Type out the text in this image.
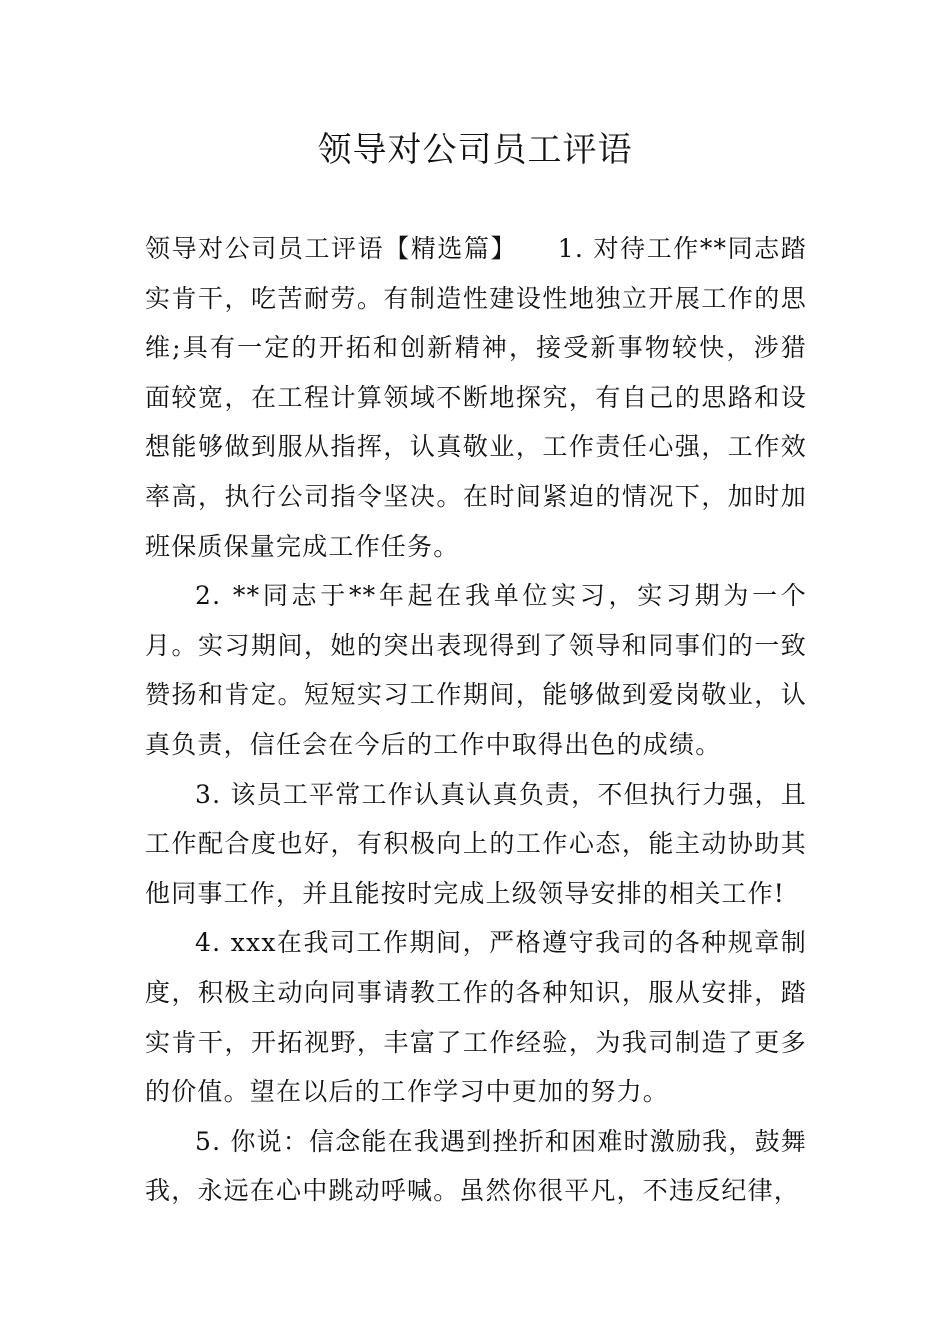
领导对公司员工评语

领导对公司员工评语【精选篇】　　1. 对待工作**同志踏实肯干，吃苦耐劳。有制造性建设性地独立开展工作的思维;具有一定的开拓和创新精神，接受新事物较快，涉猎面较宽，在工程计算领域不断地探究，有自己的思路和设想能够做到服从指挥，认真敬业，工作责任心强，工作效率高，执行公司指令坚决。在时间紧迫的情况下，加时加班保质保量完成工作任务。

2. **同志于**年起在我单位实习，实习期为一个月。实习期间，她的突出表现得到了领导和同事们的一致赞扬和肯定。短短实习工作期间，能够做到爱岗敬业，认真负责，信任会在今后的工作中取得出色的成绩。

3. 该员工平常工作认真认真负责，不但执行力强，且工作配合度也好，有积极向上的工作心态，能主动协助其他同事工作，并且能按时完成上级领导安排的相关工作!

4. xxx在我司工作期间，严格遵守我司的各种规章制度，积极主动向同事请教工作的各种知识，服从安排，踏实肯干，开拓视野，丰富了工作经验，为我司制造了更多的价值。望在以后的工作学习中更加的努力。

5. 你说：信念能在我遇到挫折和困难时激励我，鼓舞我，永远在心中跳动呼喊。虽然你很平凡，不违反纪律，
